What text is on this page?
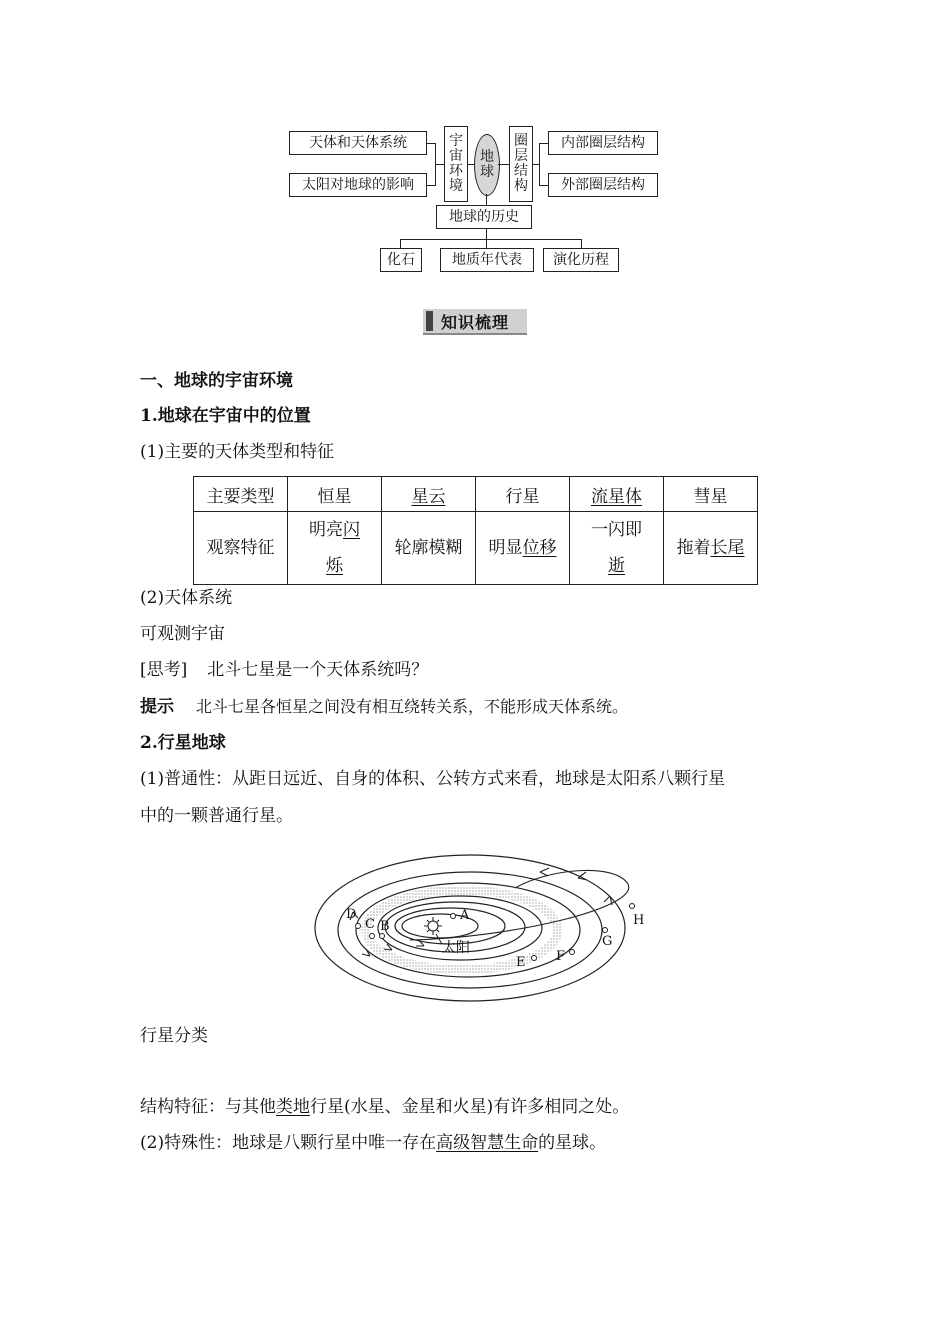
天体和天体系统
太阳对地球的影响
宇
宙
环
境
地
球
圈
层
结
构
内部圈层结构
外部圈层结构
地球的历史
化石	地质年代表	演化历程
知识梳理
一、地球的宇宙环境
1.地球在宇宙中的位置
(1)主要的天体类型和特征
主要类型	恒星	星云	行星	流星体	彗星
观察特征	明亮闪
烁	轮廓模糊	明显位移	一闪即
逝	拖着长尾
(2)天体系统
可观测宇宙
[思考] 北斗七星是一个天体系统吗？
提示 北斗七星各恒星之间没有相互绕转关系，不能形成天体系统。
2.行星地球
(1)普通性：从距日远近、自身的体积、公转方式来看，地球是太阳系八颗行星
中的一颗普通行星。
太阳
A
B
C
D
E F
G
H
行星分类
结构特征：与其他类地行星(水星、金星和火星)有许多相同之处。
(2)特殊性：地球是八颗行星中唯一存在高级智慧生命的星球。
